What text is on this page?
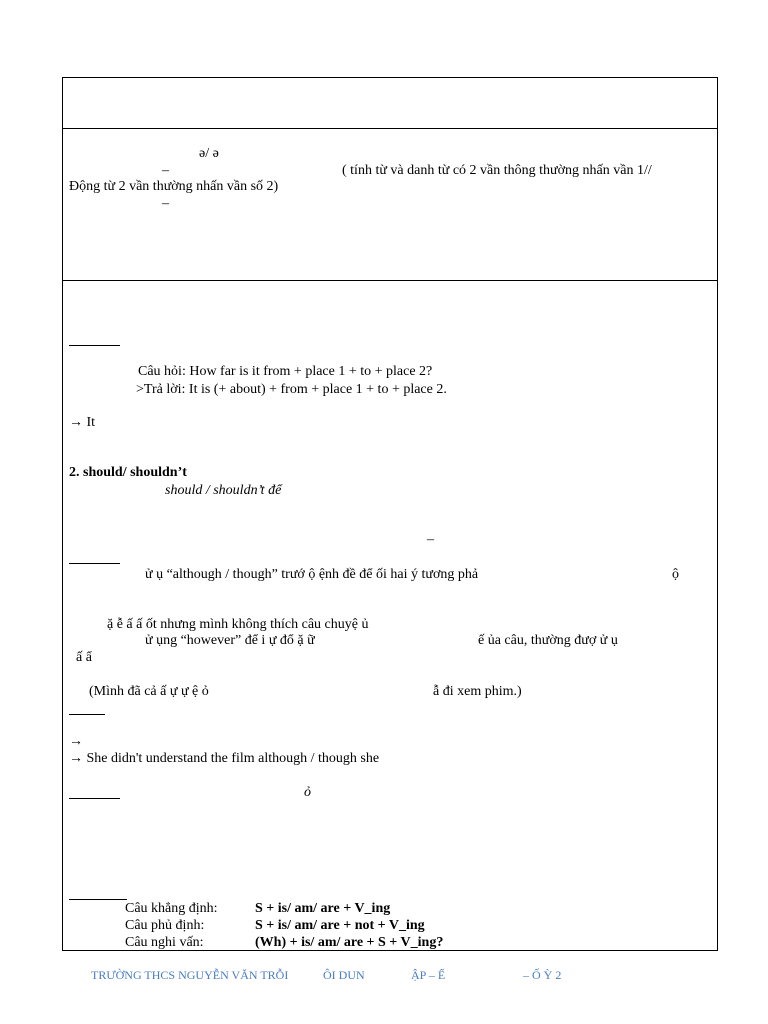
ə/ ə
–	( tính từ và danh từ có 2 vần thông thường nhấn vần 1//
Động từ 2 vần thường nhấn vần số 2)
–
Câu hỏi: How far is it from + place 1 + to + place 2?
>Trả lời: It is (+ about) + from + place 1 + to + place 2.
→ It
2. should/ shouldn’t
should / shouldn’t để
–
ử ụ “although / though” trướ ộ ệnh đề để ối hai ý tương phả	ộ
ặ ễ ấ ấ ốt nhưng mình không thích câu chuyệ ủ
ử ụng “however” để i ự đổ ặ ữ	ế ủa câu, thường đượ ử ụ
ấ ẩ
(Mình đã cả ấ ự ự ệ ỏ	ẫ đi xem phim.)
→
→ She didn't understand the film although / though she
ỏ
Câu khẳng định:	S + is/ am/ are + V_ing
Câu phủ định:	S + is/ am/ are + not + V_ing
Câu nghi vấn:	(Wh) + is/ am/ are + S + V_ing?
TRƯỜNG THCS NGUYỄN VĂN TRỖI	ÔI DUN	ẬP – Ế	– Ố Ỳ 2
